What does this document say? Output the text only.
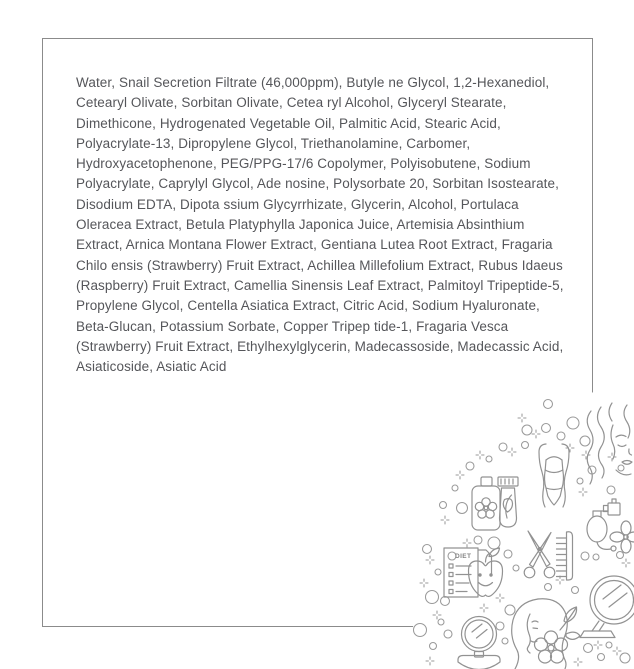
Water, Snail Secretion Filtrate (46,000ppm), Butyle ne Glycol, 1,2-Hexanediol, Cetearyl Olivate, Sorbitan Olivate, Cetea ryl Alcohol, Glyceryl Stearate, Dimethicone, Hydrogenated Vegetable Oil, Palmitic Acid, Stearic Acid, Polyacrylate-13, Dipropylene Glycol, Triethanolamine, Carbomer, Hydroxyacetophenone, PEG/PPG-17/6 Copolymer, Polyisobutene, Sodium Polyacrylate, Caprylyl Glycol, Ade nosine, Polysorbate 20, Sorbitan Isostearate, Disodium EDTA, Dipota ssium Glycyrrhizate, Glycerin, Alcohol, Portulaca Oleracea Extract, Betula Platyphylla Japonica Juice, Artemisia Absinthium Extract, Arnica Montana Flower Extract, Gentiana Lutea Root Extract, Fragaria Chilo ensis (Strawberry) Fruit Extract, Achillea Millefolium Extract, Rubus Idaeus (Raspberry) Fruit Extract, Camellia Sinensis Leaf Extract, Palmitoyl Tripeptide-5, Propylene Glycol, Centella Asiatica Extract, Citric Acid, Sodium Hyaluronate, Beta-Glucan, Potassium Sorbate, Copper Tripep tide-1, Fragaria Vesca (Strawberry) Fruit Extract, Ethylhexylglycerin, Madecassoside, Madecassic Acid, Asiaticoside, Asiatic Acid

DIET
